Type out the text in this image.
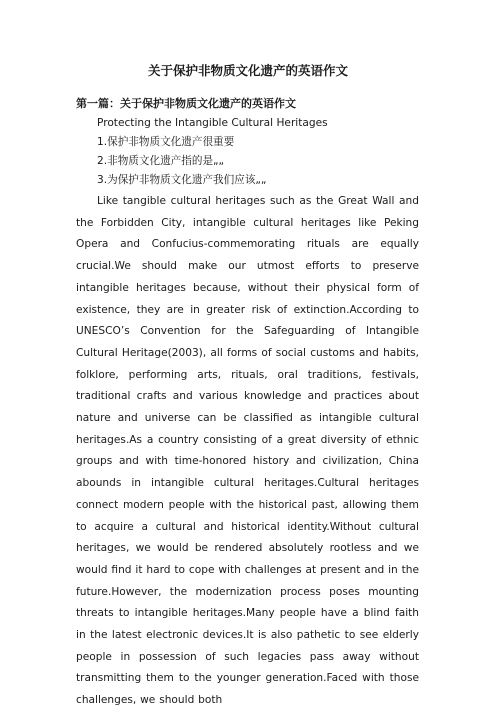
关于保护非物质文化遗产的英语作文
第一篇：关于保护非物质文化遗产的英语作文
Protecting the Intangible Cultural Heritages
1.保护非物质文化遗产很重要
2.非物质文化遗产指的是„„
3.为保护非物质文化遗产我们应该„„
Like tangible cultural heritages such as the Great Wall and the Forbidden City, intangible cultural heritages like Peking Opera and Confucius-commemorating rituals are equally crucial.We should make our utmost efforts to preserve intangible heritages because, without their physical form of existence, they are in greater risk of extinction.According to UNESCO’s Convention for the Safeguarding of Intangible Cultural Heritage(2003), all forms of social customs and habits, folklore, performing arts, rituals, oral traditions, festivals, traditional crafts and various knowledge and practices about nature and universe can be classified as intangible cultural heritages.As a country consisting of a great diversity of ethnic groups and with time-honored history and civilization, China abounds in intangible cultural heritages.Cultural heritages connect modern people with the historical past, allowing them to acquire a cultural and historical identity.Without cultural heritages, we would be rendered absolutely rootless and we would find it hard to cope with challenges at present and in the future.However, the modernization process poses mounting threats to intangible heritages.Many people have a blind faith in the latest electronic devices.It is also pathetic to see elderly people in possession of such legacies pass away without transmitting them to the younger generation.Faced with those challenges, we should both
